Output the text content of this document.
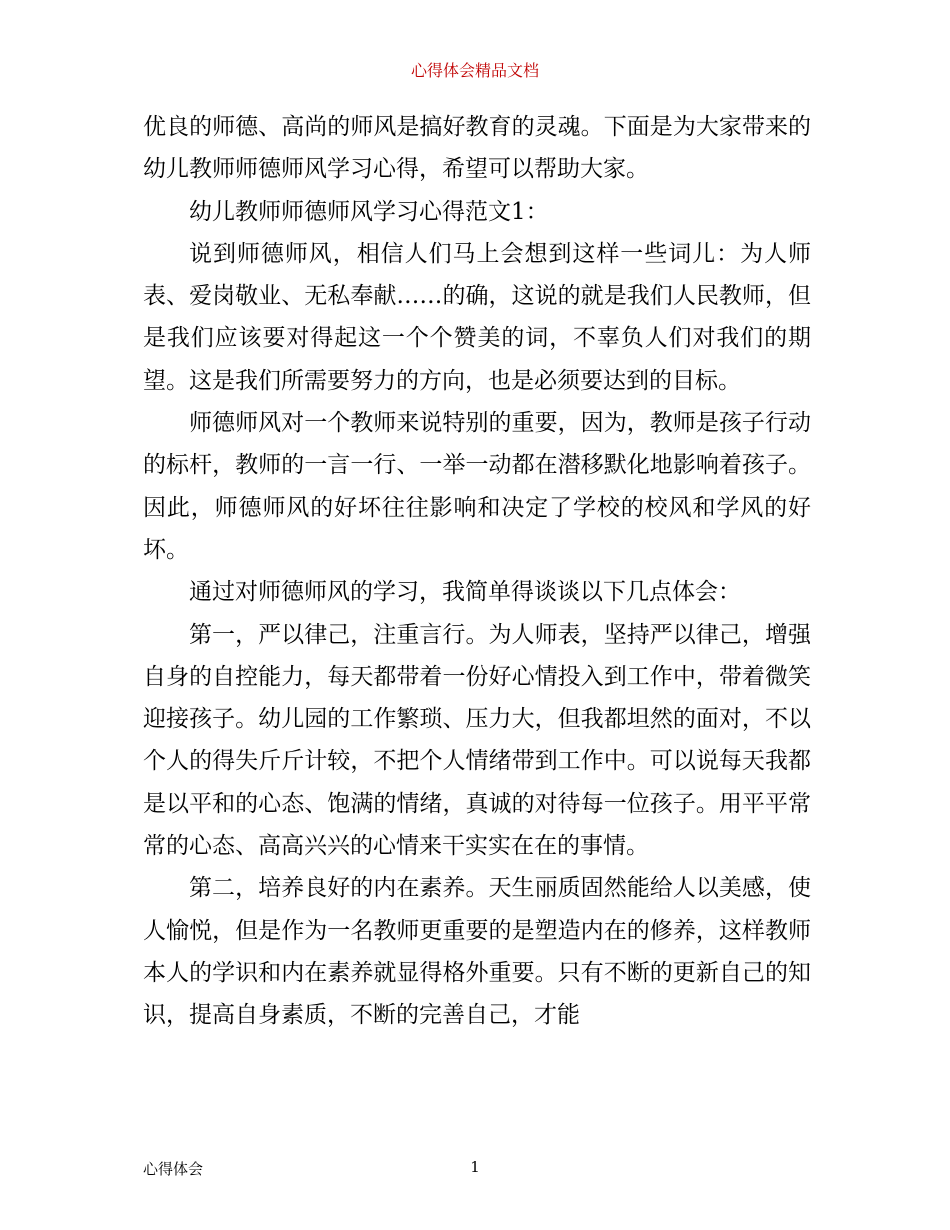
心得体会精品文档

优良的师德、高尚的师风是搞好教育的灵魂。下面是为大家带来的幼儿教师师德师风学习心得，希望可以帮助大家。

幼儿教师师德师风学习心得范文1：

说到师德师风，相信人们马上会想到这样一些词儿：为人师表、爱岗敬业、无私奉献……的确，这说的就是我们人民教师，但是我们应该要对得起这一个个赞美的词，不辜负人们对我们的期望。这是我们所需要努力的方向，也是必须要达到的目标。

师德师风对一个教师来说特别的重要，因为，教师是孩子行动的标杆，教师的一言一行、一举一动都在潜移默化地影响着孩子。因此，师德师风的好坏往往影响和决定了学校的校风和学风的好坏。

通过对师德师风的学习，我简单得谈谈以下几点体会：

第一，严以律己，注重言行。为人师表，坚持严以律己，增强自身的自控能力，每天都带着一份好心情投入到工作中，带着微笑迎接孩子。幼儿园的工作繁琐、压力大，但我都坦然的面对，不以个人的得失斤斤计较，不把个人情绪带到工作中。可以说每天我都是以平和的心态、饱满的情绪，真诚的对待每一位孩子。用平平常常的心态、高高兴兴的心情来干实实在在的事情。

第二，培养良好的内在素养。天生丽质固然能给人以美感，使人愉悦，但是作为一名教师更重要的是塑造内在的修养，这样教师本人的学识和内在素养就显得格外重要。只有不断的更新自己的知识，提高自身素质，不断的完善自己，才能

心得体会	1
